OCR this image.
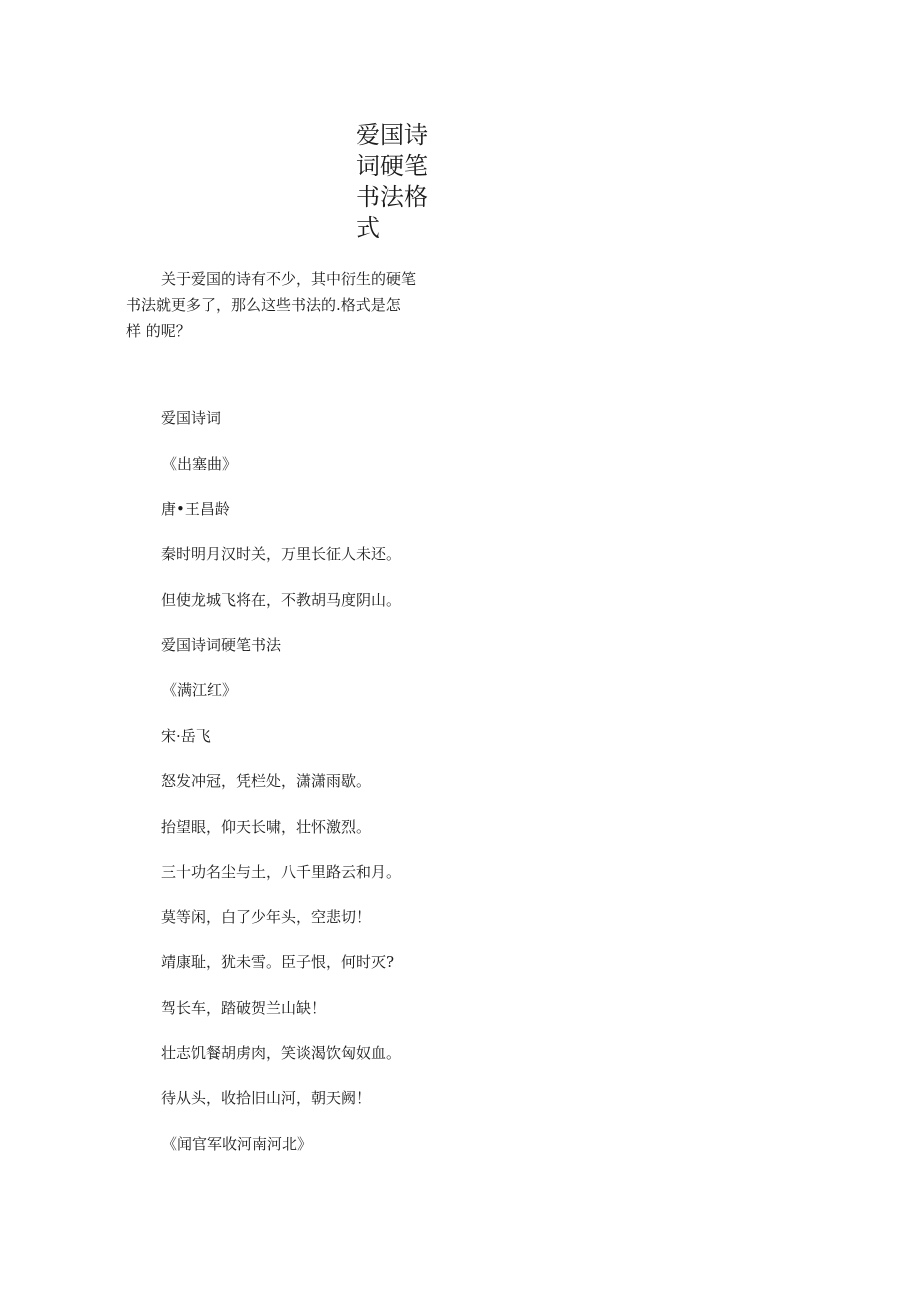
爱国诗词硬笔书法格式
关于爱国的诗有不少，其中衍生的硬笔
书法就更多了，那么这些书法的.格式是怎
样 的呢？
爱国诗词
《出塞曲》
唐•王昌龄
秦时明月汉时关，万里长征人未还。
但使龙城飞将在，不教胡马度阴山。
爱国诗词硬笔书法
《满江红》
宋·岳飞
怒发冲冠，凭栏处，潇潇雨歇。
抬望眼，仰天长啸，壮怀激烈。
三十功名尘与土，八千里路云和月。
莫等闲，白了少年头，空悲切！
靖康耻，犹未雪。臣子恨，何时灭?
驾长车，踏破贺兰山缺！
壮志饥餐胡虏肉，笑谈渴饮匈奴血。
待从头，收拾旧山河，朝天阙！
《闻官军收河南河北》
